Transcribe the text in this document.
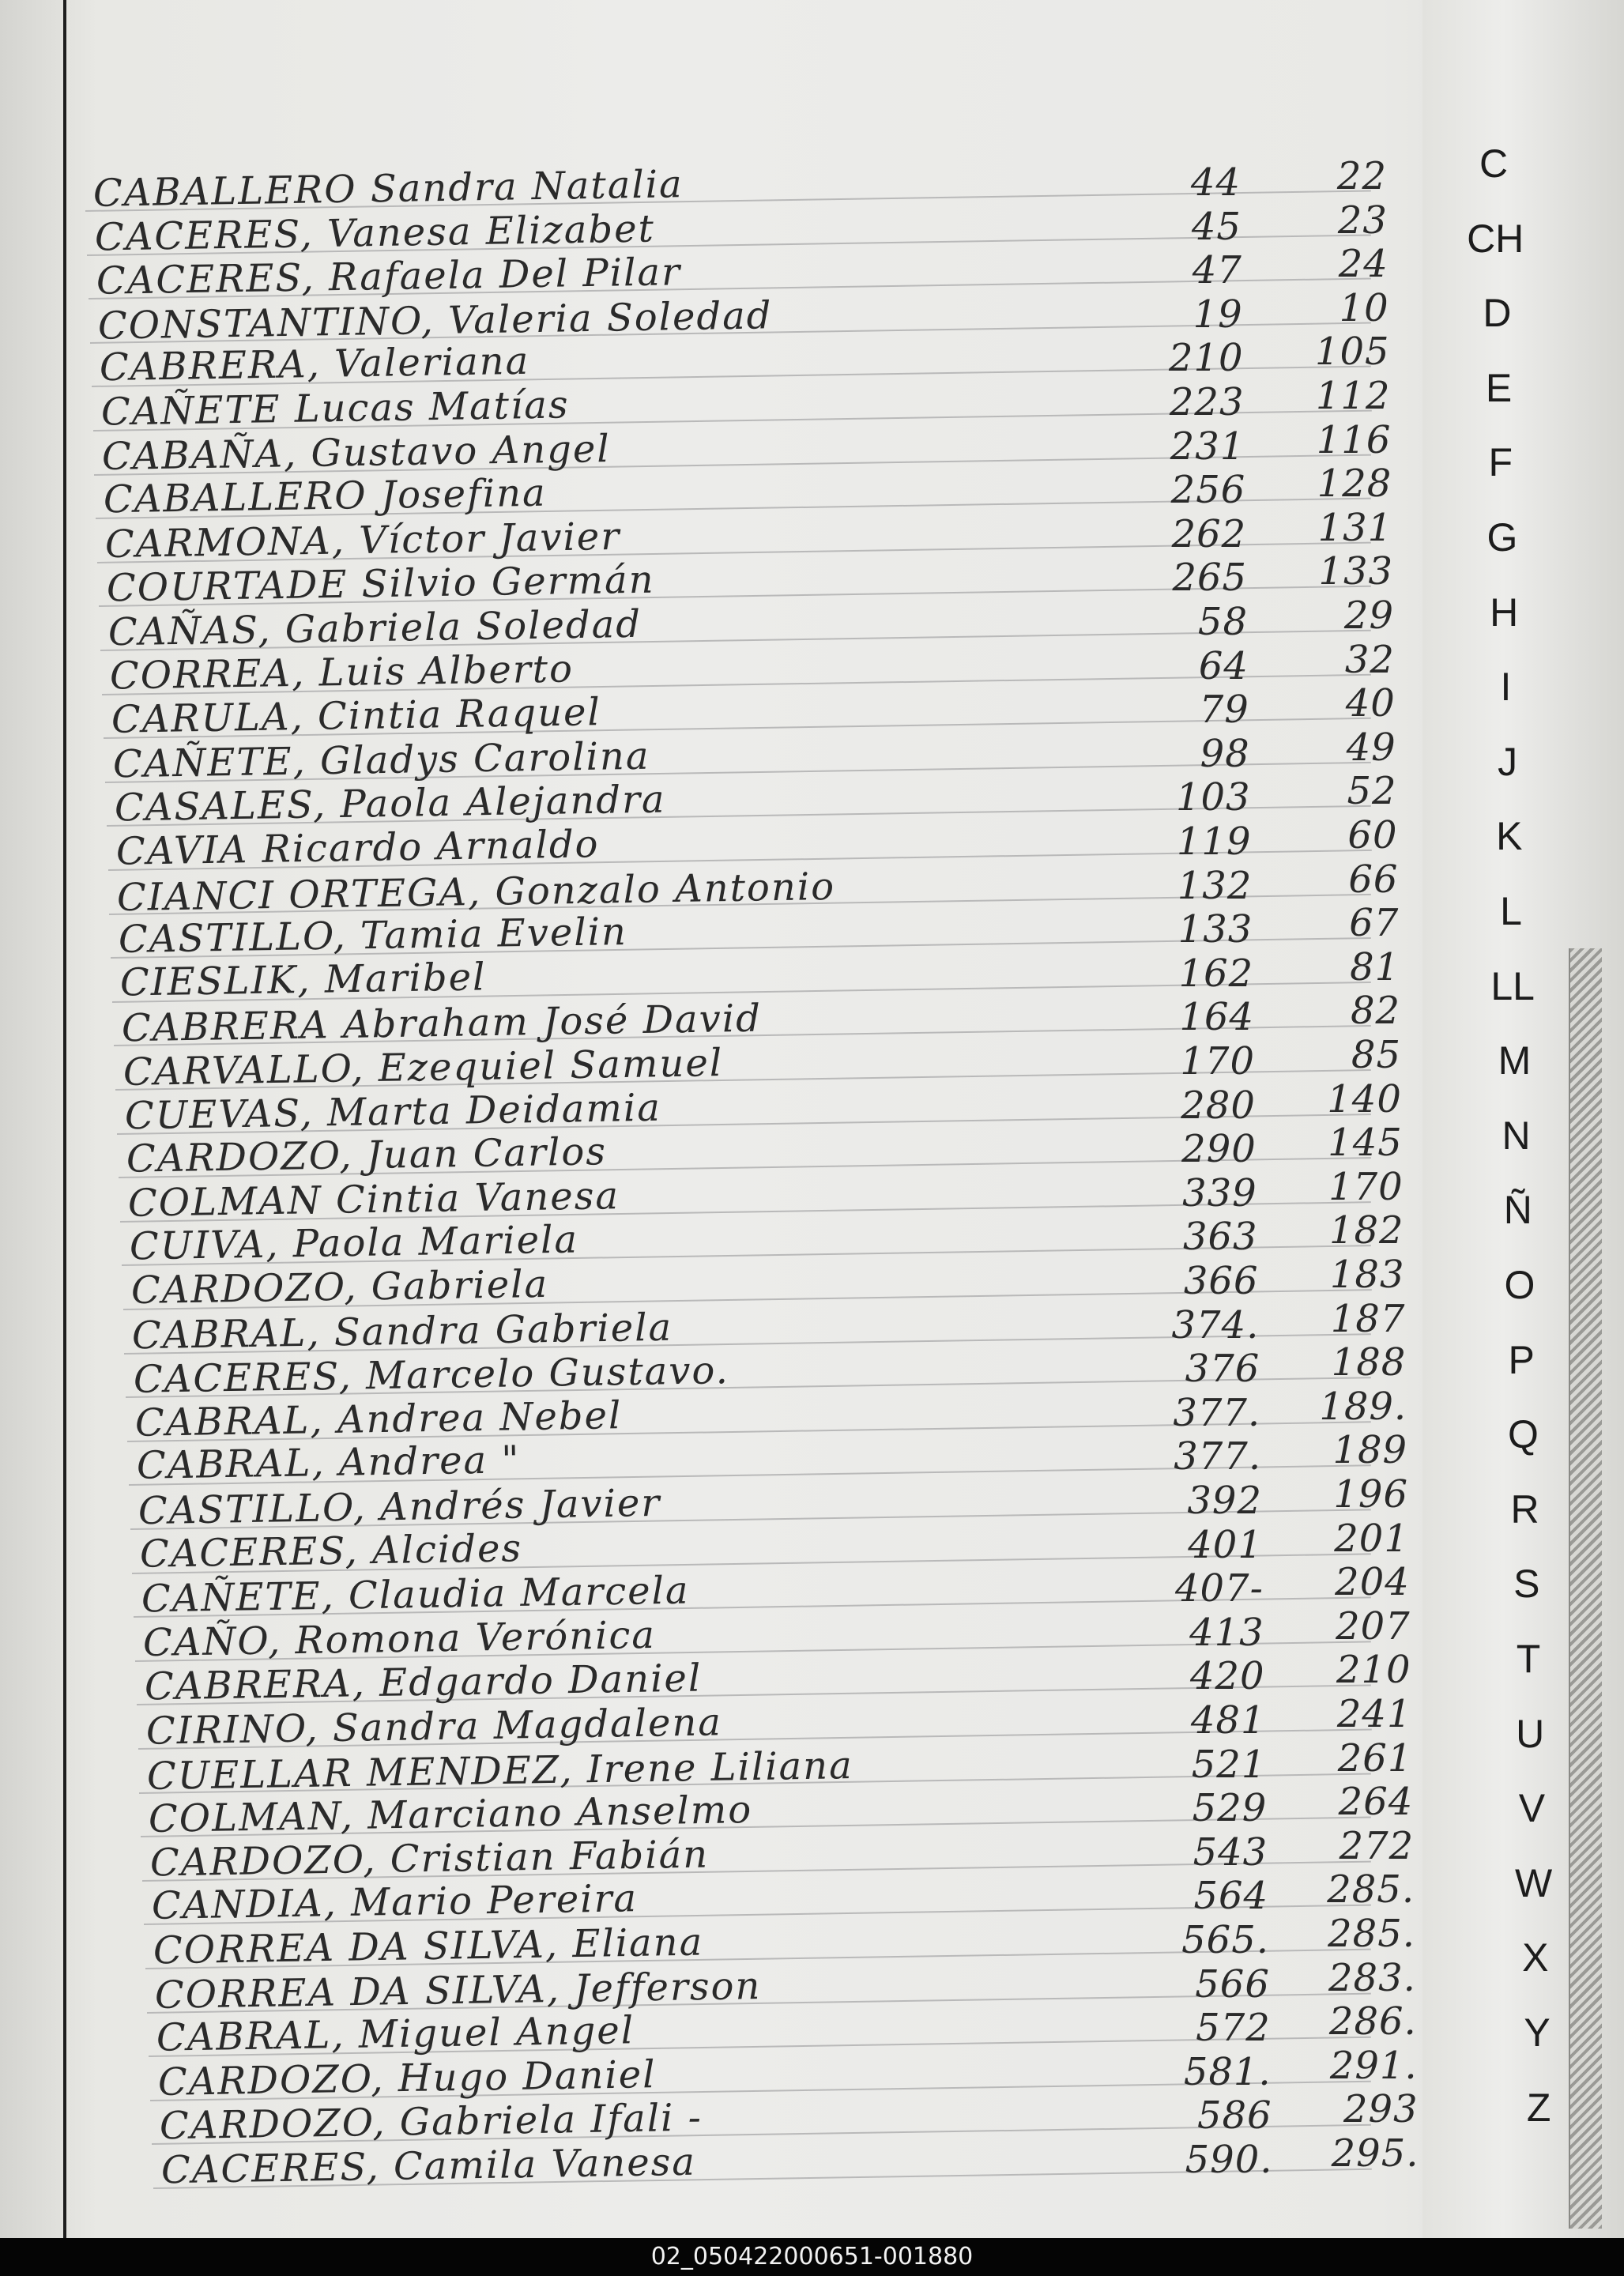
CABALLERO Sandra Natalia	44	22
CACERES, Vanesa Elizabet	45	23
CACERES, Rafaela Del Pilar	47	24
CONSTANTINO, Valeria Soledad	19	10
CABRERA, Valeriana	210	105
CAÑETE Lucas Matías	223	112
CABAÑA, Gustavo Angel	231	116
CABALLERO Josefina	256	128
CARMONA, Víctor Javier	262	131
COURTADE Silvio Germán	265	133
CAÑAS, Gabriela Soledad	58	29
CORREA, Luis Alberto	64	32
CARULA, Cintia Raquel	79	40
CAÑETE, Gladys Carolina	98	49
CASALES, Paola Alejandra	103	52
CAVIA Ricardo Arnaldo	119	60
CIANCI ORTEGA, Gonzalo Antonio	132	66
CASTILLO, Tamia Evelin	133	67
CIESLIK, Maribel	162	81
CABRERA Abraham José David	164	82
CARVALLO, Ezequiel Samuel	170	85
CUEVAS, Marta Deidamia	280	140
CARDOZO, Juan Carlos	290	145
COLMAN Cintia Vanesa	339	170
CUIVA, Paola Mariela	363	182
CARDOZO, Gabriela	366	183
CABRAL, Sandra Gabriela	374.	187
CACERES, Marcelo Gustavo.	376	188
CABRAL, Andrea Nebel	377.	189.
CABRAL, Andrea "	377.	189
CASTILLO, Andrés Javier	392	196
CACERES, Alcides	401	201
CAÑETE, Claudia Marcela	407-	204
CAÑO, Romona Verónica	413	207
CABRERA, Edgardo Daniel	420	210
CIRINO, Sandra Magdalena	481	241
CUELLAR MENDEZ, Irene Liliana	521	261
COLMAN, Marciano Anselmo	529	264
CARDOZO, Cristian Fabián	543	272
CANDIA, Mario Pereira	564	285.
CORREA DA SILVA, Eliana	565.	285.
CORREA DA SILVA, Jefferson	566	283.
CABRAL, Miguel Angel	572	286.
CARDOZO, Hugo Daniel	581.	291.
CARDOZO, Gabriela Ifali -	586	293
CACERES, Camila Vanesa	590.	295.
C
CH
D
E
F
G
H
I
J
K
L
LL
M
N
Ñ
O
P
Q
R
S
T
U
V
W
X
Y
Z
02_050422000651-001880
